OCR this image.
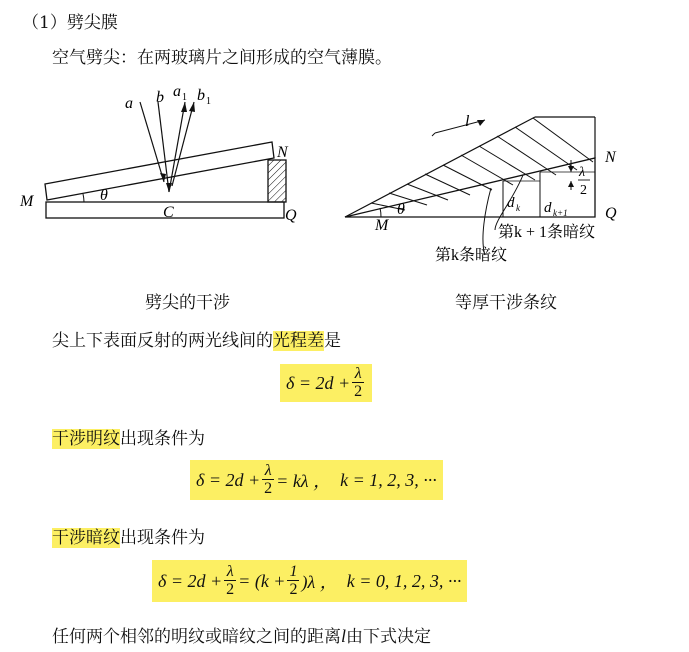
（1）劈尖膜
空气劈尖：在两玻璃片之间形成的空气薄膜。
a b a 1 b 1
θ
M
C
N
Q
l
N
Q
M
θ	d k d k+1
λ
2
第k + 1条暗纹
第k条暗纹
劈尖的干涉	等厚干涉条纹
尖上下表面反射的两光线间的光程差是
$\delta = 2d + \frac{\lambda}{2}$
干涉明纹出现条件为
$\delta = 2d + \frac{\lambda}{2} = k\lambda$ ，
k = 1, 2, 3, ···
干涉暗纹出现条件为
$\delta = 2d + \frac{\lambda}{2} = (k + \frac{1}{2} )\lambda$ ，
k = 0, 1, 2, 3, ···
任何两个相邻的明纹或暗纹之间的距离l由下式决定
